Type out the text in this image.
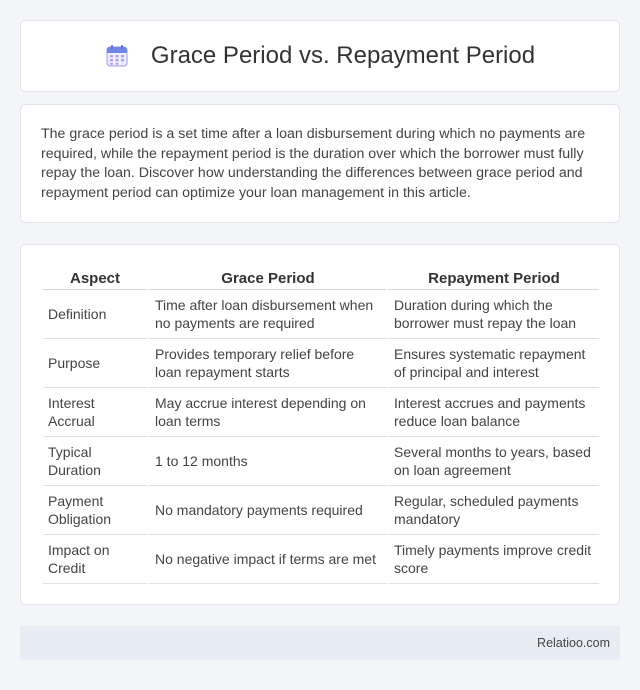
Grace Period vs. Repayment Period

The grace period is a set time after a loan disbursement during which no payments are required, while the repayment period is the duration over which the borrower must fully repay the loan. Discover how understanding the differences between grace period and repayment period can optimize your loan management in this article.

Aspect	Grace Period	Repayment Period
Definition	Time after loan disbursement when no payments are required	Duration during which the borrower must repay the loan
Purpose	Provides temporary relief before loan repayment starts	Ensures systematic repayment of principal and interest
Interest Accrual	May accrue interest depending on loan terms	Interest accrues and payments reduce loan balance
Typical Duration	1 to 12 months	Several months to years, based on loan agreement
Payment Obligation	No mandatory payments required	Regular, scheduled payments mandatory
Impact on Credit	No negative impact if terms are met	Timely payments improve credit score
Relatioo.com
